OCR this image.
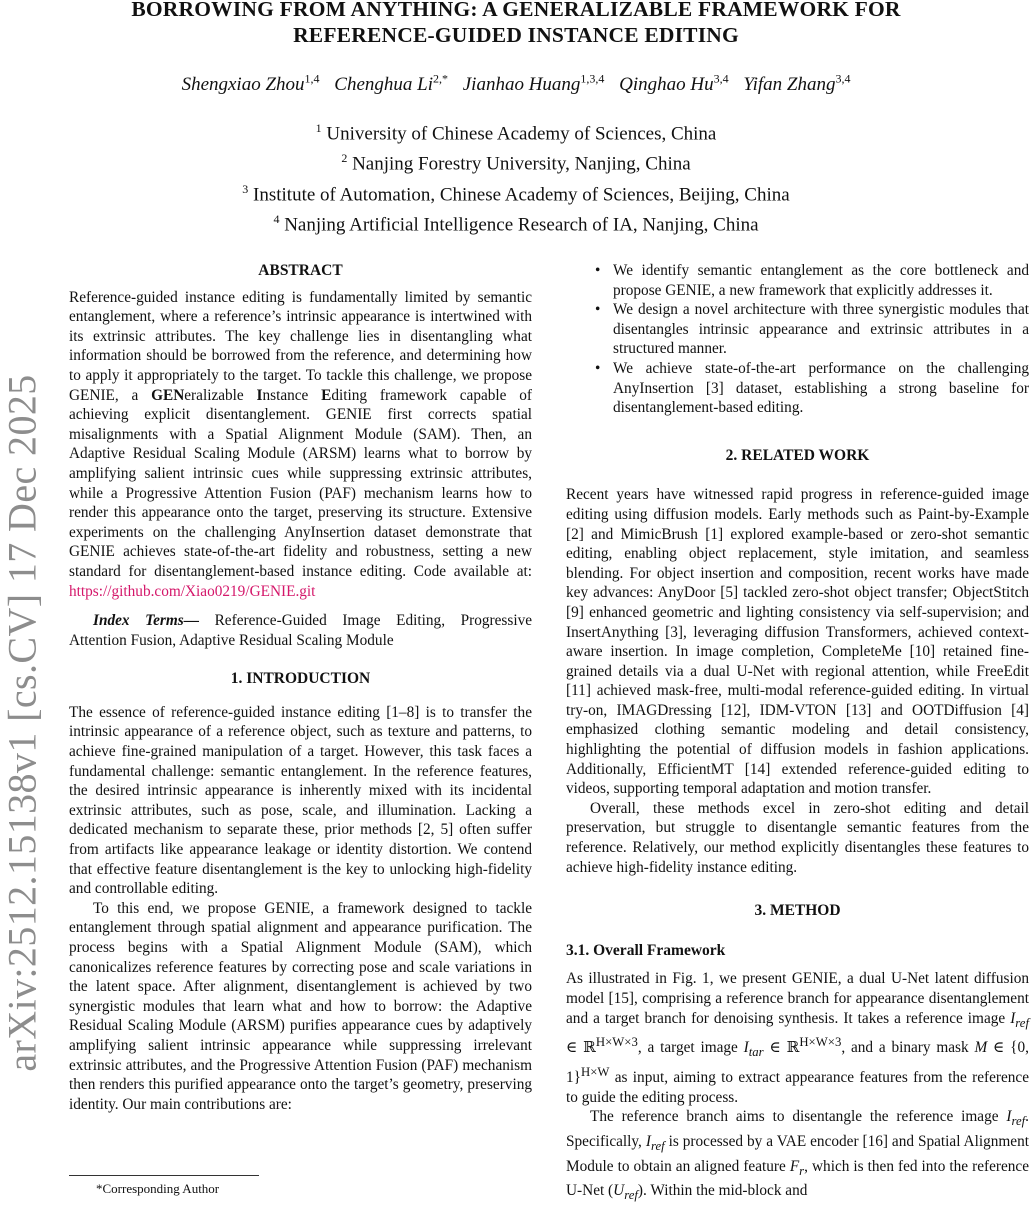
BORROWING FROM ANYTHING: A GENERALIZABLE FRAMEWORK FOR
REFERENCE-GUIDED INSTANCE EDITING
Shengxiao Zhou$^{1,4}$ Chenghua $Li^{2,*}$ Jianhao Huang$^{1,3,4}$ Qinghao Hu$^{3,4}$ Yifan Zhang$^{3,4}$
$^1$ University of Chinese Academy of Sciences, China
$^2$ Nanjing Forestry University, Nanjing, China
$^3$ Institute of Automation, Chinese Academy of Sciences, Beijing, China
$^4$ Nanjing Artificial Intelligence Research of IA, Nanjing, China
arXiv:2512.15138v1 [cs.CV] 17 Dec 2025
ABSTRACT

Reference-guided instance editing is fundamentally limited by semantic entanglement, where a reference’s intrinsic appearance is intertwined with its extrinsic attributes. The key challenge lies in disentangling what information should be borrowed from the reference, and determining how to apply it appropriately to the target. To tackle this challenge, we propose GENIE, a GENeralizable Instance Editing framework capable of achieving explicit disentanglement. GENIE first corrects spatial misalignments with a Spatial Alignment Module (SAM). Then, an Adaptive Residual Scaling Module (ARSM) learns what to borrow by amplifying salient intrinsic cues while suppressing extrinsic attributes, while a Progressive Attention Fusion (PAF) mechanism learns how to render this appearance onto the target, preserving its structure. Extensive experiments on the challenging AnyInsertion dataset demonstrate that GENIE achieves state-of-the-art fidelity and robustness, setting a new standard for disentanglement-based instance editing. Code available at: https://github.com/Xiao0219/GENIE.git

Index Terms— Reference-Guided Image Editing, Progressive Attention Fusion, Adaptive Residual Scaling Module

1. INTRODUCTION

The essence of reference-guided instance editing [1–8] is to transfer the intrinsic appearance of a reference object, such as texture and patterns, to achieve fine-grained manipulation of a target. However, this task faces a fundamental challenge: semantic entanglement. In the reference features, the desired intrinsic appearance is inherently mixed with its incidental extrinsic attributes, such as pose, scale, and illumination. Lacking a dedicated mechanism to separate these, prior methods [2, 5] often suffer from artifacts like appearance leakage or identity distortion. We contend that effective feature disentanglement is the key to unlocking high-fidelity and controllable editing.

To this end, we propose GENIE, a framework designed to tackle entanglement through spatial alignment and appearance purification. The process begins with a Spatial Alignment Module (SAM), which canonicalizes reference features by correcting pose and scale variations in the latent space. After alignment, disentanglement is achieved by two synergistic modules that learn what and how to borrow: the Adaptive Residual Scaling Module (ARSM) purifies appearance cues by adaptively amplifying salient intrinsic appearance while suppressing irrelevant extrinsic attributes, and the Progressive Attention Fusion (PAF) mechanism then renders this purified appearance onto the target’s geometry, preserving identity. Our main contributions are:

*Corresponding Author

• We identify semantic entanglement as the core bottleneck and propose GENIE, a new framework that explicitly addresses it.

• We design a novel architecture with three synergistic modules that disentangles intrinsic appearance and extrinsic attributes in a structured manner.

• We achieve state-of-the-art performance on the challenging AnyInsertion [3] dataset, establishing a strong baseline for disentanglement-based editing.

2. RELATED WORK

Recent years have witnessed rapid progress in reference-guided image editing using diffusion models. Early methods such as Paint-by-Example [2] and MimicBrush [1] explored example-based or zero-shot semantic editing, enabling object replacement, style imitation, and seamless blending. For object insertion and composition, recent works have made key advances: AnyDoor [5] tackled zero-shot object transfer; ObjectStitch [9] enhanced geometric and lighting consistency via self-supervision; and InsertAnything [3], leveraging diffusion Transformers, achieved context-aware insertion. In image completion, CompleteMe [10] retained fine-grained details via a dual U-Net with regional attention, while FreeEdit [11] achieved mask-free, multi-modal reference-guided editing. In virtual try-on, IMAGDressing [12], IDM-VTON [13] and OOTDiffusion [4] emphasized clothing semantic modeling and detail consistency, highlighting the potential of diffusion models in fashion applications. Additionally, EfficientMT [14] extended reference-guided editing to videos, supporting temporal adaptation and motion transfer.

Overall, these methods excel in zero-shot editing and detail preservation, but struggle to disentangle semantic features from the reference. Relatively, our method explicitly disentangles these features to achieve high-fidelity instance editing.

3. METHOD
3.1. Overall Framework

As illustrated in Fig. 1, we present GENIE, a dual U-Net latent diffusion model [15], comprising a reference branch for appearance disentanglement and a target branch for denoising synthesis. It takes a reference image $I_{ref}$ ∈ ℝ$^{H\times W\times 3}$, a target image $I_{tar}$ ∈ ℝ$^{H\times W\times 3}$, and a binary mask M ∈ {0, 1}$^{H\times W}$ as input, aiming to extract appearance features from the reference to guide the editing process.

The reference branch aims to disentangle the reference image $I_{ref}$. Specifically, $I_{ref}$ is processed by a VAE encoder [16] and Spatial Alignment Module to obtain an aligned feature $F_r$, which is then fed into the reference U-Net $(U_{ref})$. Within the mid-block and
